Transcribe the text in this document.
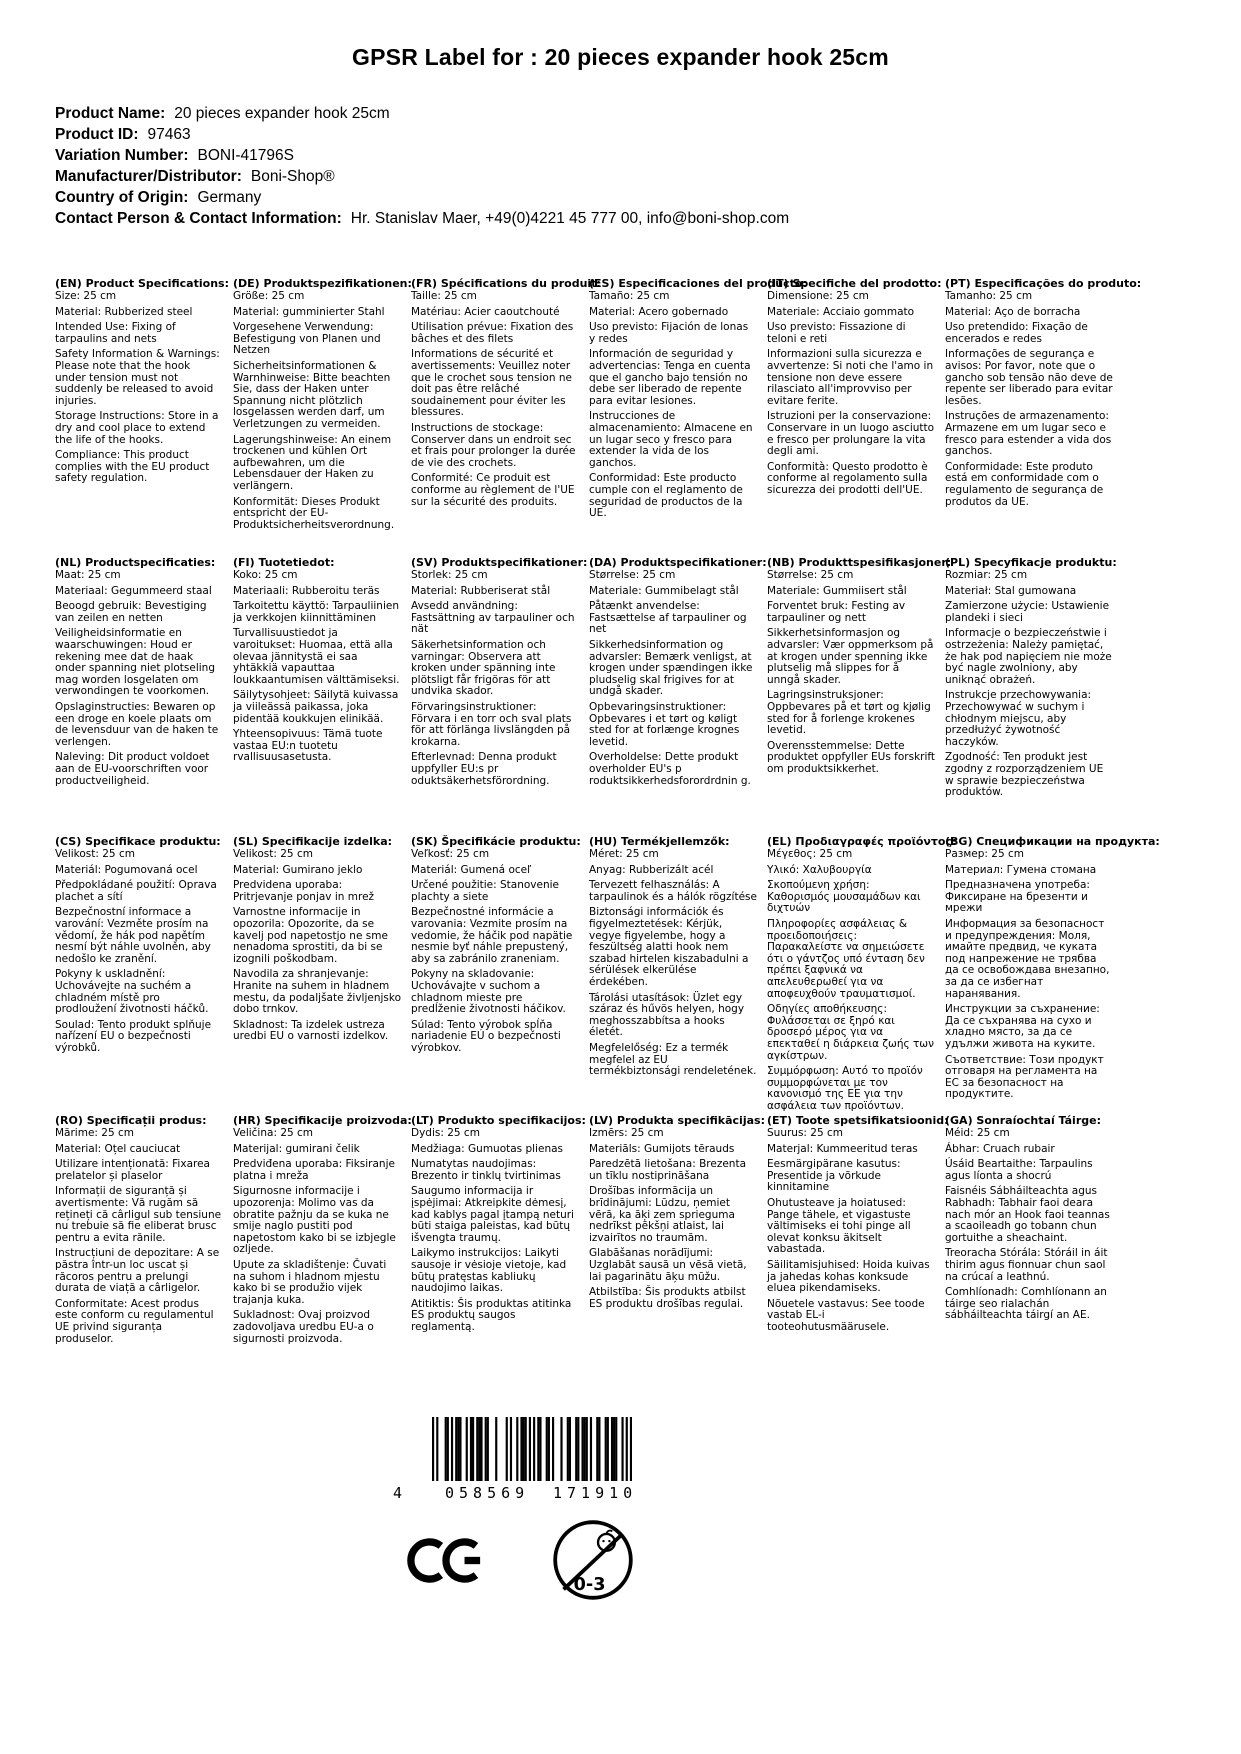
GPSR Label for : 20 pieces expander hook 25cm
Product Name: 20 pieces expander hook 25cm
Product ID: 97463
Variation Number: BONI-41796S
Manufacturer/Distributor: Boni-Shop®
Country of Origin: Germany
Contact Person & Contact Information: Hr. Stanislav Maer, +49(0)4221 45 777 00, info@boni-shop.com
(EN) Product Specifications:

Size: 25 cm

Material: Rubberized steel

Intended Use: Fixing of tarpaulins and nets

Safety Information & Warnings: Please note that the hook under tension must not suddenly be released to avoid injuries.

Storage Instructions: Store in a dry and cool place to extend the life of the hooks.

Compliance: This product complies with the EU product safety regulation.

(DE) Produktspezifikationen:

Größe: 25 cm

Material: gumminierter Stahl

Vorgesehene Verwendung: Befestigung von Planen und Netzen

Sicherheitsinformationen & Warnhinweise: Bitte beachten Sie, dass der Haken unter Spannung nicht plötzlich losgelassen werden darf, um Verletzungen zu vermeiden.

Lagerungshinweise: An einem trockenen und kühlen Ort aufbewahren, um die Lebensdauer der Haken zu verlängern.

Konformität: Dieses Produkt entspricht der EU-Produktsicherheitsverordnung.

(FR) Spécifications du produit:

Taille: 25 cm

Matériau: Acier caoutchouté

Utilisation prévue: Fixation des bâches et des filets

Informations de sécurité et avertissements: Veuillez noter que le crochet sous tension ne doit pas être relâché soudainement pour éviter les blessures.

Instructions de stockage: Conserver dans un endroit sec et frais pour prolonger la durée de vie des crochets.

Conformité: Ce produit est conforme au règlement de l'UE sur la sécurité des produits.

(ES) Especificaciones del producto:

Tamaño: 25 cm

Material: Acero gobernado

Uso previsto: Fijación de lonas y redes

Información de seguridad y advertencias: Tenga en cuenta que el gancho bajo tensión no debe ser liberado de repente para evitar lesiones.

Instrucciones de almacenamiento: Almacene en un lugar seco y fresco para extender la vida de los ganchos.

Conformidad: Este producto cumple con el reglamento de seguridad de productos de la UE.

(IT) Specifiche del prodotto:

Dimensione: 25 cm

Materiale: Acciaio gommato

Uso previsto: Fissazione di teloni e reti

Informazioni sulla sicurezza e avvertenze: Si noti che l'amo in tensione non deve essere rilasciato all'improvviso per evitare ferite.

Istruzioni per la conservazione: Conservare in un luogo asciutto e fresco per prolungare la vita degli ami.

Conformità: Questo prodotto è conforme al regolamento sulla sicurezza dei prodotti dell'UE.

(PT) Especificações do produto:

Tamanho: 25 cm

Material: Aço de borracha

Uso pretendido: Fixação de encerados e redes

Informações de segurança e avisos: Por favor, note que o gancho sob tensão não deve de repente ser liberado para evitar lesões.

Instruções de armazenamento: Armazene em um lugar seco e fresco para estender a vida dos ganchos.

Conformidade: Este produto está em conformidade com o regulamento de segurança de produtos da UE.

(NL) Productspecificaties:

Maat: 25 cm

Materiaal: Gegummeerd staal

Beoogd gebruik: Bevestiging van zeilen en netten

Veiligheidsinformatie en waarschuwingen: Houd er rekening mee dat de haak onder spanning niet plotseling mag worden losgelaten om verwondingen te voorkomen.

Opslaginstructies: Bewaren op een droge en koele plaats om de levensduur van de haken te verlengen.

Naleving: Dit product voldoet aan de EU-voorschriften voor productveiligheid.

(FI) Tuotetiedot:

Koko: 25 cm

Materiaali: Rubberoitu teräs

Tarkoitettu käyttö: Tarpauliinien ja verkkojen kiinnittäminen

Turvallisuustiedot ja varoitukset: Huomaa, että alla olevaa jännitystä ei saa yhtäkkiä vapauttaa loukkaantumisen välttämiseksi.

Säilytysohjeet: Säilytä kuivassa ja viileässä paikassa, joka pidentää koukkujen elinikää.

Yhteensopivuus: Tämä tuote vastaa EU:n tuotetu rvallisuusasetusta.

(SV) Produktspecifikationer:

Storlek: 25 cm

Material: Rubberiserat stål

Avsedd användning: Fastsättning av tarpauliner och nät

Säkerhetsinformation och varningar: Observera att kroken under spänning inte plötsligt får frigöras för att undvika skador.

Förvaringsinstruktioner: Förvara i en torr och sval plats för att förlänga livslängden på krokarna.

Efterlevnad: Denna produkt uppfyller EU:s pr oduktsäkerhetsförordning.

(DA) Produktspecifikationer:

Størrelse: 25 cm

Materiale: Gummibelagt stål

Påtænkt anvendelse: Fastsættelse af tarpauliner og net

Sikkerhedsinformation og advarsler: Bemærk venligst, at krogen under spændingen ikke pludselig skal frigives for at undgå skader.

Opbevaringsinstruktioner: Opbevares i et tørt og køligt sted for at forlænge krognes levetid.

Overholdelse: Dette produkt overholder EU's p roduktsikkerhedsforordrdnin g.

(NB) Produkttspesifikasjoner:

Størrelse: 25 cm

Materiale: Gummiisert stål

Forventet bruk: Festing av tarpauliner og nett

Sikkerhetsinformasjon og advarsler: Vær oppmerksom på at krogen under spenning ikke plutselig må slippes for å unngå skader.

Lagringsinstruksjoner: Oppbevares på et tørt og kjølig sted for å forlenge krokenes levetid.

Overensstemmelse: Dette produktet oppfyller EUs forskrift om produktsikkerhet.

(PL) Specyfikacje produktu:

Rozmiar: 25 cm

Materiał: Stal gumowana

Zamierzone użycie: Ustawienie plandeki i sieci

Informacje o bezpieczeństwie i ostrzeżenia: Należy pamiętać, że hak pod napięciem nie może być nagle zwolniony, aby uniknąć obrażeń.

Instrukcje przechowywania: Przechowywać w suchym i chłodnym miejscu, aby przedłużyć żywotność haczyków.

Zgodność: Ten produkt jest zgodny z rozporządzeniem UE w sprawie bezpieczeństwa produktów.

(CS) Specifikace produktu:

Velikost: 25 cm

Materiál: Pogumovaná ocel

Předpokládané použití: Oprava plachet a sítí

Bezpečnostní informace a varování: Vezměte prosím na vědomí, že hák pod napětím nesmí být náhle uvolněn, aby nedošlo ke zranění.

Pokyny k uskladnění: Uchovávejte na suchém a chladném místě pro prodloužení životnosti háčků.

Soulad: Tento produkt splňuje nařízení EU o bezpečnosti výrobků.

(SL) Specifikacije izdelka:

Velikost: 25 cm

Material: Gumirano jeklo

Predvidena uporaba: Pritrjevanje ponjav in mrež

Varnostne informacije in opozorila: Opozorite, da se kavelj pod napetostjo ne sme nenadoma sprostiti, da bi se izognili poškodbam.

Navodila za shranjevanje: Hranite na suhem in hladnem mestu, da podaljšate življenjsko dobo trnkov.

Skladnost: Ta izdelek ustreza uredbi EU o varnosti izdelkov.

(SK) Špecifikácie produktu:

Veľkosť: 25 cm

Materiál: Gumená oceľ

Určené použitie: Stanovenie plachty a siete

Bezpečnostné informácie a varovania: Vezmite prosím na vedomie, že háčik pod napätie nesmie byť náhle prepustený, aby sa zabránilo zraneniam.

Pokyny na skladovanie: Uchovávajte v suchom a chladnom mieste pre predĺženie životnosti háčikov.

Súlad: Tento výrobok spĺňa nariadenie EÚ o bezpečnosti výrobkov.

(HU) Termékjellemzők:

Méret: 25 cm

Anyag: Rubberizált acél

Tervezett felhasználás: A tarpaulinok és a hálók rögzítése

Biztonsági információk és figyelmeztetések: Kérjük, vegye figyelembe, hogy a feszültség alatti hook nem szabad hirtelen kiszabadulni a sérülések elkerülése érdekében.

Tárolási utasítások: Üzlet egy száraz és hűvös helyen, hogy meghosszabbítsa a hooks életét.

Megfelelőség: Ez a termék megfelel az EU termékbiztonsági rendeletének.

(EL) Προδιαγραφές προϊόντος:

Μέγεθος: 25 cm

Υλικό: Χαλυβουργία

Σκοπούμενη χρήση: Καθορισμός μουσαμάδων και διχτυών

Πληροφορίες ασφάλειας & προειδοποιήσεις: Παρακαλείστε να σημειώσετε ότι ο γάντζος υπό ένταση δεν πρέπει ξαφνικά να απελευθερωθεί για να αποφευχθούν τραυματισμοί.

Οδηγίες αποθήκευσης: Φυλάσσεται σε ξηρό και δροσερό μέρος για να επεκταθεί η διάρκεια ζωής των αγκίστρων.

Συμμόρφωση: Αυτό το προϊόν συμμορφώνεται με τον κανονισμό της ΕΕ για την ασφάλεια των προϊόντων.

(BG) Спецификации на продукта:

Размер: 25 cm

Материал: Гумена стомана

Предназначена употреба: Фиксиране на брезенти и мрежи

Информация за безопасност и предупреждения: Моля, имайте предвид, че куката под напрежение не трябва да се освобождава внезапно, за да се избегнат наранявания.

Инструкции за съхранение: Да се съхранява на сухо и хладно място, за да се удължи живота на куките.

Съответствие: Този продукт отговаря на регламента на ЕС за безопасност на продуктите.

(RO) Specificații produs:

Mărime: 25 cm

Material: Oțel cauciucat

Utilizare intenționată: Fixarea prelatelor și plaselor

Informații de siguranță și avertismente: Vă rugăm să rețineți că cârligul sub tensiune nu trebuie să fie eliberat brusc pentru a evita rănile.

Instrucțiuni de depozitare: A se păstra într-un loc uscat și răcoros pentru a prelungi durata de viață a cârligelor.

Conformitate: Acest produs este conform cu regulamentul UE privind siguranța produselor.

(HR) Specifikacije proizvoda:

Veličina: 25 cm

Materijal: gumirani čelik

Predviđena uporaba: Fiksiranje platna i mreža

Sigurnosne informacije i upozorenja: Molimo vas da obratite pažnju da se kuka ne smije naglo pustiti pod napetostom kako bi se izbjegle ozljede.

Upute za skladištenje: Čuvati na suhom i hladnom mjestu kako bi se produžio vijek trajanja kuka.

Sukladnost: Ovaj proizvod zadovoljava uredbu EU-a o sigurnosti proizvoda.

(LT) Produkto specifikacijos:

Dydis: 25 cm

Medžiaga: Gumuotas plienas

Numatytas naudojimas: Brezento ir tinklų tvirtinimas

Saugumo informacija ir įspėjimai: Atkreipkite dėmesį, kad kablys pagal įtampą neturi būti staiga paleistas, kad būtų išvengta traumų.

Laikymo instrukcijos: Laikyti sausoje ir vėsioje vietoje, kad būtų pratęstas kabliukų naudojimo laikas.

Atitiktis: Šis produktas atitinka ES produktų saugos reglamentą.

(LV) Produkta specifikācijas:

Izmērs: 25 cm

Materiāls: Gumijots tērauds

Paredzētā lietošana: Brezenta un tīklu nostiprināšana

Drošības informācija un brīdinājumi: Lūdzu, ņemiet vērā, ka āķi zem sprieguma nedrīkst pēkšņi atlaist, lai izvairītos no traumām.

Glabāšanas norādījumi: Uzglabāt sausā un vēsā vietā, lai pagarinātu āķu mūžu.

Atbilstība: Šis produkts atbilst ES produktu drošības regulai.

(ET) Toote spetsifikatsioonid:

Suurus: 25 cm

Materjal: Kummeeritud teras

Eesmärgipärane kasutus: Presentide ja võrkude kinnitamine

Ohutusteave ja hoiatused: Pange tähele, et vigastuste vältimiseks ei tohi pinge all olevat konksu äkitselt vabastada.

Säilitamisjuhised: Hoida kuivas ja jahedas kohas konksude eluea pikendamiseks.

Nõuetele vastavus: See toode vastab EL-i tooteohutusmäärusele.

(GA) Sonraíochtaí Táirge:

Méid: 25 cm

Ábhar: Cruach rubair

Úsáid Beartaithe: Tarpaulins agus líonta a shocrú

Faisnéis Sábháilteachta agus Rabhadh: Tabhair faoi deara nach mór an Hook faoi teannas a scaoileadh go tobann chun gortuithe a sheachaint.

Treoracha Stórála: Stóráil in áit thirim agus fionnuar chun saol na crúcaí a leathnú.

Comhlíonadh: Comhlíonann an táirge seo rialachán sábháilteachta táirgí an AE.

4	058569 171910
0-3
